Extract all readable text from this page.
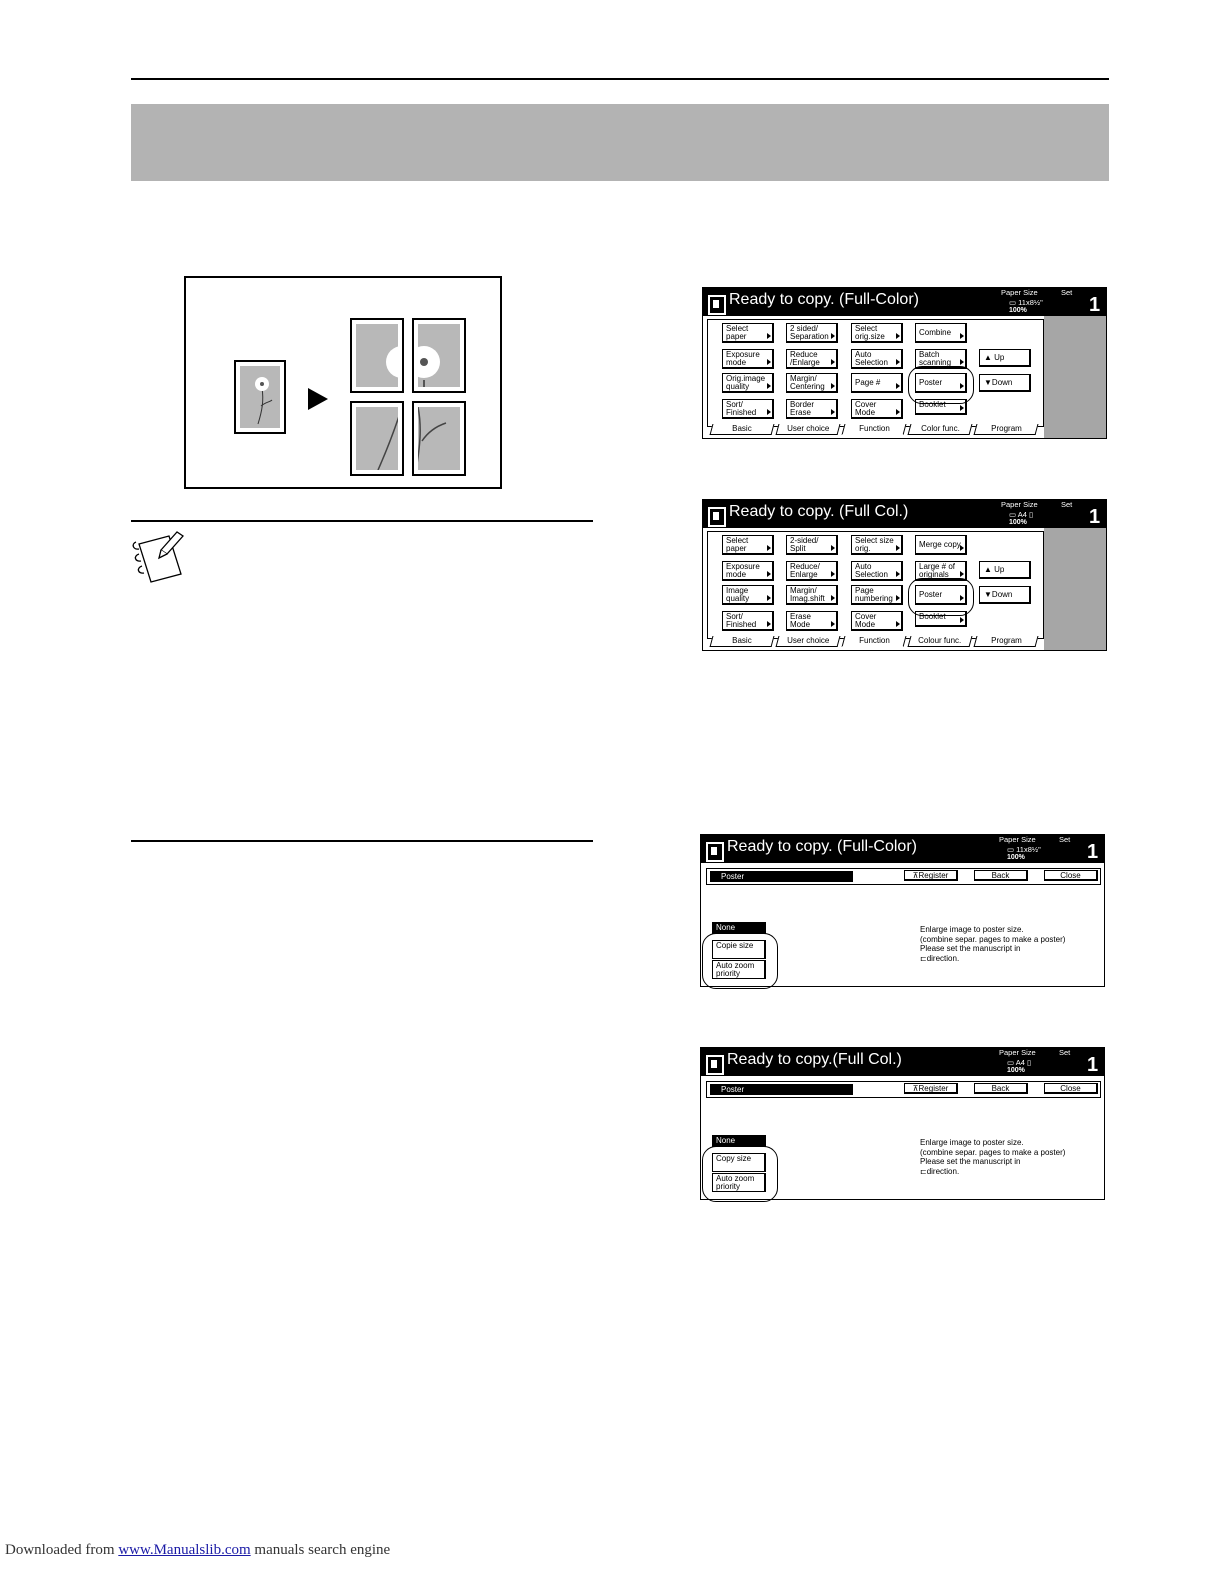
Ready to copy. (Full-Color)	Paper Size	Set
▭ 11x8½"
100%	1
Select paper
2 sided/ Separation
Select orig.size	Combine
Exposure mode
Reduce /Enlarge
Auto Selection
Batch scanning
Orig.image quality
Margin/ Centering	Page #	Poster
Sort/ Finished
Border Erase
Cover Mode
Booklet
▲ Up
▼Down
Basic	User choice	Function	Color func.	Program
Ready to copy. (Full Col.)	Paper Size	Set
▭ A4 ▯
100%	1
Select paper
2-sided/ Split
Select size orig.	Merge copy
Exposure mode
Reduce/ Enlarge
Auto Selection
Large # of originals
Image quality
Margin/ Imag.shift
Page numbering	Poster
Sort/ Finished
Erase Mode
Cover Mode
Booklet
▲ Up
▼Down
Basic	User choice	Function	Colour func.	Program
Ready to copy. (Full-Color)	Paper Size	Set
▭ 11x8½"
100%	1
Poster	⊼Register	Back	Close
None
Copie size
Auto zoom priority
Enlarge image to poster size.
(combine separ. pages to make a poster)
Please set the manuscript in
⊏direction.
Ready to copy.(Full Col.)	Paper Size	Set
▭ A4 ▯
100%	1
Poster	⊼Register	Back	Close
None
Copy size
Auto zoom priority
Enlarge image to poster size.
(combine separ. pages to make a poster)
Please set the manuscript in
⊏direction.
Downloaded from www.Manualslib.com manuals search engine
